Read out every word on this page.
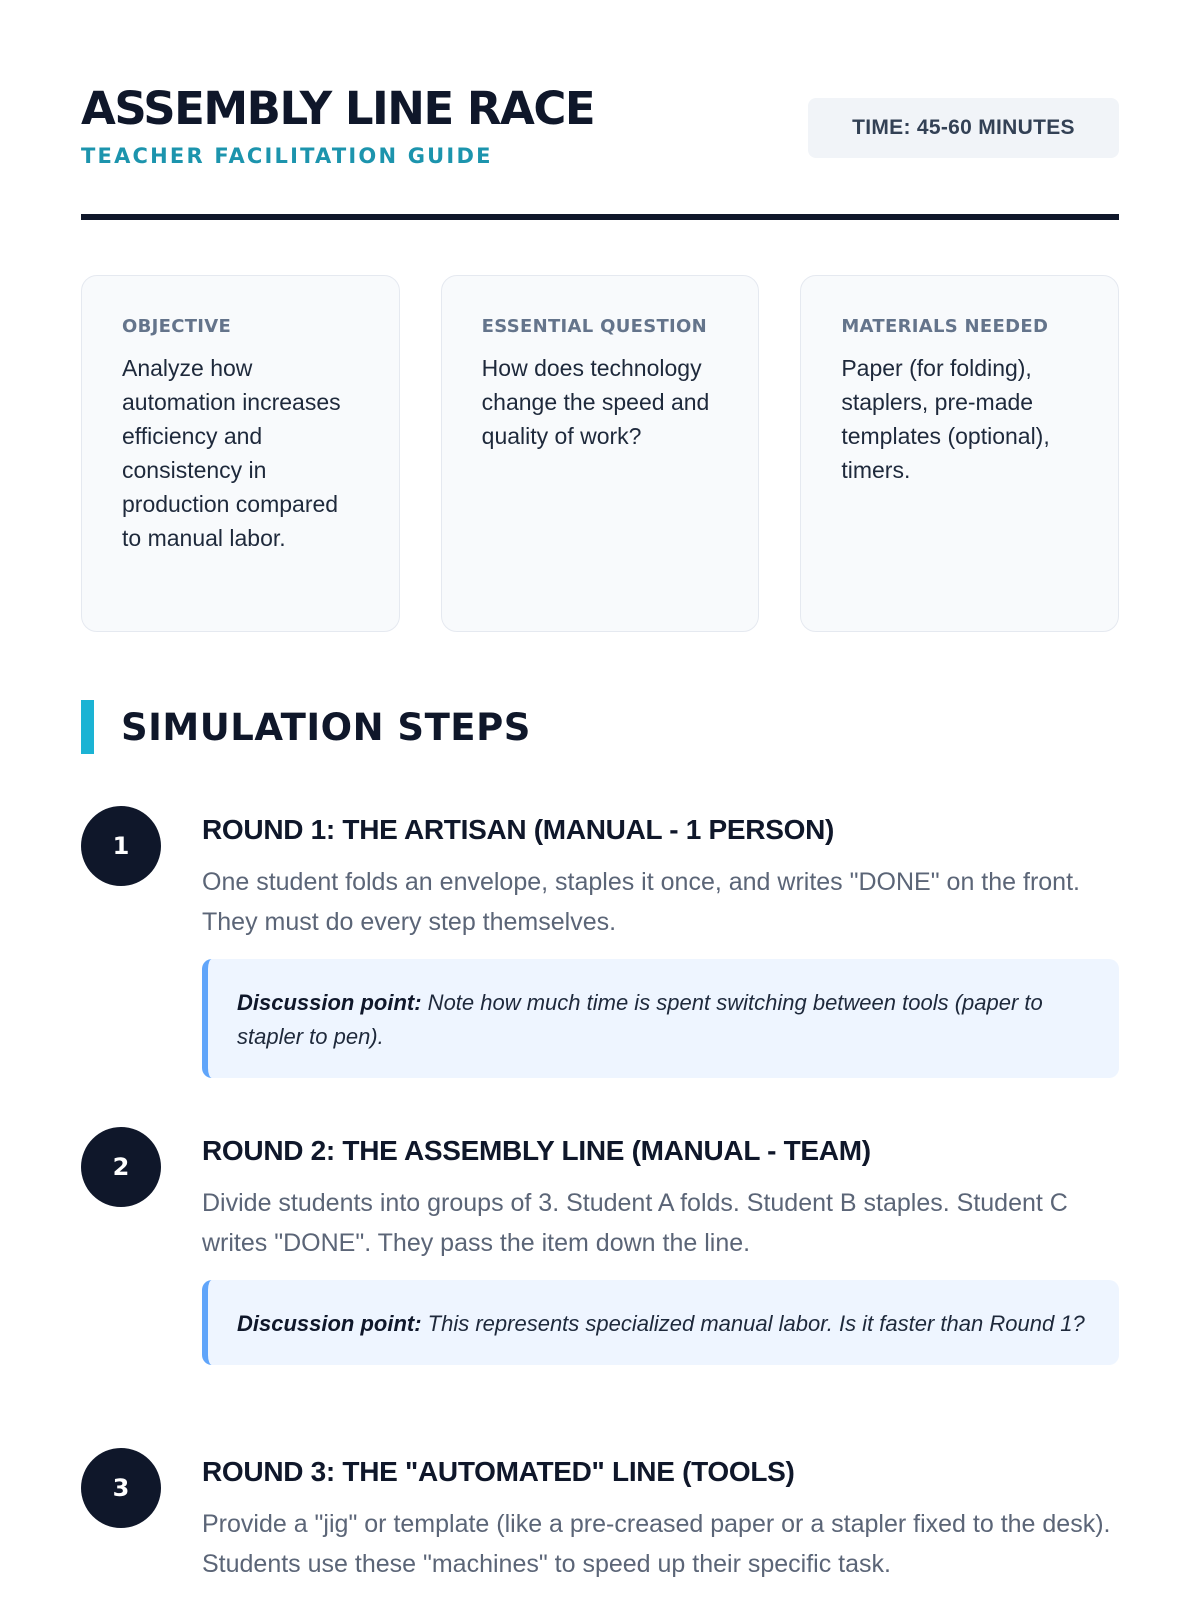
ASSEMBLY LINE RACE
TEACHER FACILITATION GUIDE
TIME: 45-60 MINUTES
OBJECTIVE
Analyze how automation increases efficiency and consistency in production compared to manual labor.
ESSENTIAL QUESTION
How does technology change the speed and quality of work?
MATERIALS NEEDED
Paper (for folding), staplers, pre-made templates (optional), timers.
SIMULATION STEPS
1
ROUND 1: THE ARTISAN (MANUAL - 1 PERSON)

One student folds an envelope, staples it once, and writes "DONE" on the front. They must do every step themselves.

Discussion point: Note how much time is spent switching between tools (paper to stapler to pen).
2
ROUND 2: THE ASSEMBLY LINE (MANUAL - TEAM)

Divide students into groups of 3. Student A folds. Student B staples. Student C writes "DONE". They pass the item down the line.

Discussion point: This represents specialized manual labor. Is it faster than Round 1?
3
ROUND 3: THE "AUTOMATED" LINE (TOOLS)

Provide a "jig" or template (like a pre-creased paper or a stapler fixed to the desk). Students use these "machines" to speed up their specific task.
